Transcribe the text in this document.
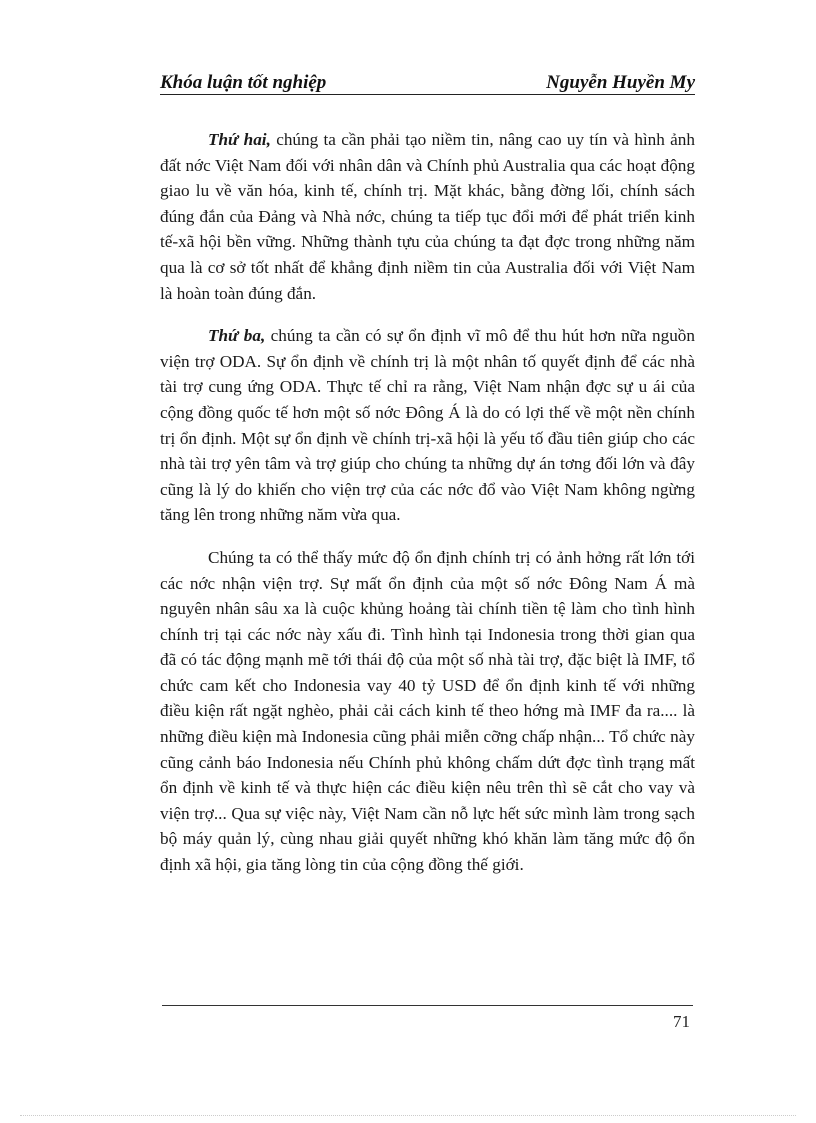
Khóa luận tốt nghiệp	Nguyễn Huyền My

Thứ hai, chúng ta cần phải tạo niềm tin, nâng cao uy tín và hình ảnh đất nớc Việt Nam đối với nhân dân và Chính phủ Australia qua các hoạt động giao lu về văn hóa, kinh tế, chính trị. Mặt khác, bằng đờng lối, chính sách đúng đắn của Đảng và Nhà nớc, chúng ta tiếp tục đổi mới để phát triển kinh tế-xã hội bền vững. Những thành tựu của chúng ta đạt đợc trong những năm qua là cơ sở tốt nhất để khẳng định niềm tin của Australia đối với Việt Nam là hoàn toàn đúng đắn.

Thứ ba, chúng ta cần có sự ổn định vĩ mô để thu hút hơn nữa nguồn viện trợ ODA. Sự ổn định về chính trị là một nhân tố quyết định để các nhà tài trợ cung ứng ODA. Thực tế chỉ ra rằng, Việt Nam nhận đợc sự u ái của cộng đồng quốc tế hơn một số nớc Đông Á là do có lợi thế về một nền chính trị ổn định. Một sự ổn định về chính trị-xã hội là yếu tố đầu tiên giúp cho các nhà tài trợ yên tâm và trợ giúp cho chúng ta những dự án tơng đối lớn và đây cũng là lý do khiến cho viện trợ của các nớc đổ vào Việt Nam không ngừng tăng lên trong những năm vừa qua.

Chúng ta có thể thấy mức độ ổn định chính trị có ảnh hởng rất lớn tới các nớc nhận viện trợ. Sự mất ổn định của một số nớc Đông Nam Á mà nguyên nhân sâu xa là cuộc khủng hoảng tài chính tiền tệ làm cho tình hình chính trị tại các nớc này xấu đi. Tình hình tại Indonesia trong thời gian qua đã có tác động mạnh mẽ tới thái độ của một số nhà tài trợ, đặc biệt là IMF, tổ chức cam kết cho Indonesia vay 40 tỷ USD để ổn định kinh tế với những điều kiện rất ngặt nghèo, phải cải cách kinh tế theo hớng mà IMF đa ra.... là những điều kiện mà Indonesia cũng phải miễn cỡng chấp nhận... Tổ chức này cũng cảnh báo Indonesia nếu Chính phủ không chấm dứt đợc tình trạng mất ổn định về kinh tế và thực hiện các điều kiện nêu trên thì sẽ cắt cho vay và viện trợ... Qua sự việc này, Việt Nam cần nỗ lực hết sức mình làm trong sạch bộ máy quản lý, cùng nhau giải quyết những khó khăn làm tăng mức độ ổn định xã hội, gia tăng lòng tin của cộng đồng thế giới.

71
